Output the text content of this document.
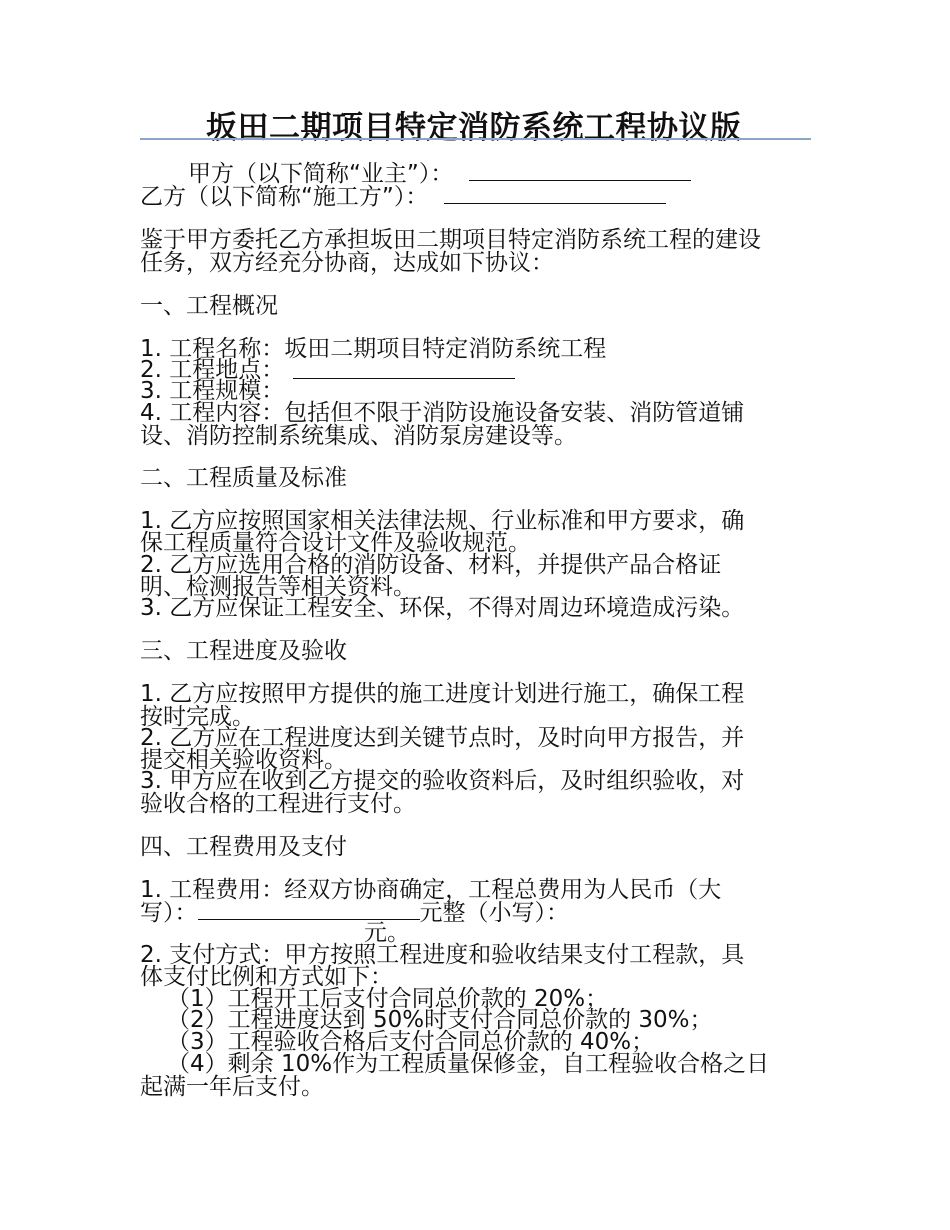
坂田二期项目特定消防系统工程协议版
甲方（以下简称“业主”）：
乙方（以下简称“施工方”）：
鉴于甲方委托乙方承担坂田二期项目特定消防系统工程的建设
任务，双方经充分协商，达成如下协议：
一、工程概况
1. 工程名称：坂田二期项目特定消防系统工程
2. 工程地点：
3. 工程规模：
4. 工程内容：包括但不限于消防设施设备安装、消防管道铺
设、消防控制系统集成、消防泵房建设等。
二、工程质量及标准
1. 乙方应按照国家相关法律法规、行业标准和甲方要求，确
保工程质量符合设计文件及验收规范。
2. 乙方应选用合格的消防设备、材料，并提供产品合格证
明、检测报告等相关资料。
3. 乙方应保证工程安全、环保，不得对周边环境造成污染。
三、工程进度及验收
1. 乙方应按照甲方提供的施工进度计划进行施工，确保工程
按时完成。
2. 乙方应在工程进度达到关键节点时，及时向甲方报告，并
提交相关验收资料。
3. 甲方应在收到乙方提交的验收资料后，及时组织验收，对
验收合格的工程进行支付。
四、工程费用及支付
1. 工程费用：经双方协商确定，工程总费用为人民币（大
写）：	元整（小写）：
元。
2. 支付方式：甲方按照工程进度和验收结果支付工程款，具
体支付比例和方式如下：
（1）工程开工后支付合同总价款的 20%；
（2）工程进度达到 50%时支付合同总价款的 30%；
（3）工程验收合格后支付合同总价款的 40%；
（4）剩余 10%作为工程质量保修金，自工程验收合格之日
起满一年后支付。
